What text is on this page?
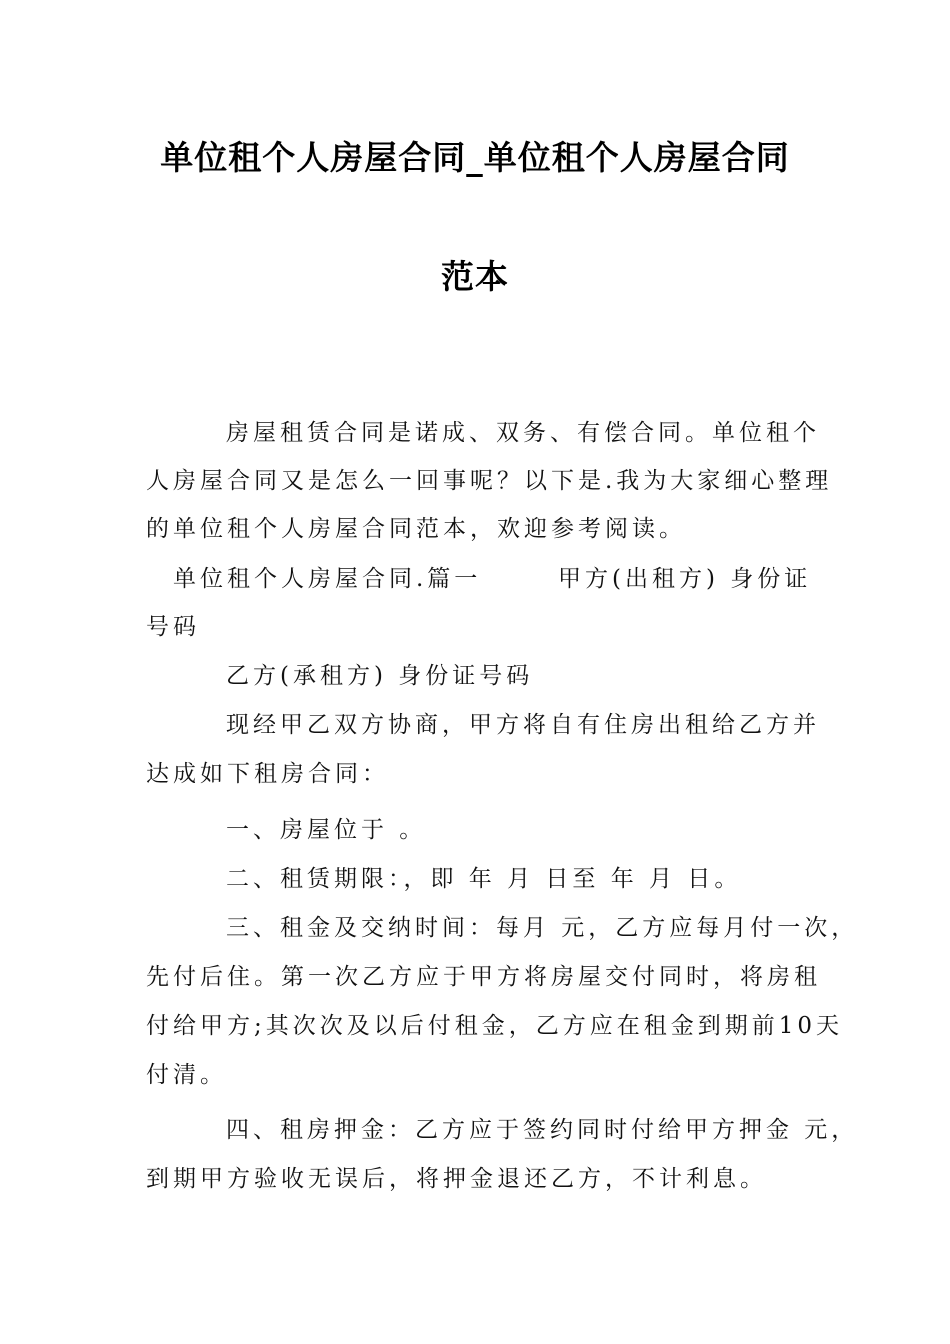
单位租个人房屋合同_单位租个人房屋合同
范本
房屋租赁合同是诺成、双务、有偿合同。单位租个
人房屋合同又是怎么一回事呢？以下是.我为大家细心整理
的单位租个人房屋合同范本，欢迎参考阅读。
单位租个人房屋合同.篇一	甲方(出租方) 身份证
号码
乙方(承租方) 身份证号码
现经甲乙双方协商，甲方将自有住房出租给乙方并
达成如下租房合同：
一、房屋位于 。
二、租赁期限：，即 年 月 日至 年 月 日。
三、租金及交纳时间：每月 元，乙方应每月付一次，
先付后住。第一次乙方应于甲方将房屋交付同时，将房租
付给甲方;其次次及以后付租金，乙方应在租金到期前10天
付清。
四、租房押金：乙方应于签约同时付给甲方押金 元，
到期甲方验收无误后，将押金退还乙方，不计利息。
